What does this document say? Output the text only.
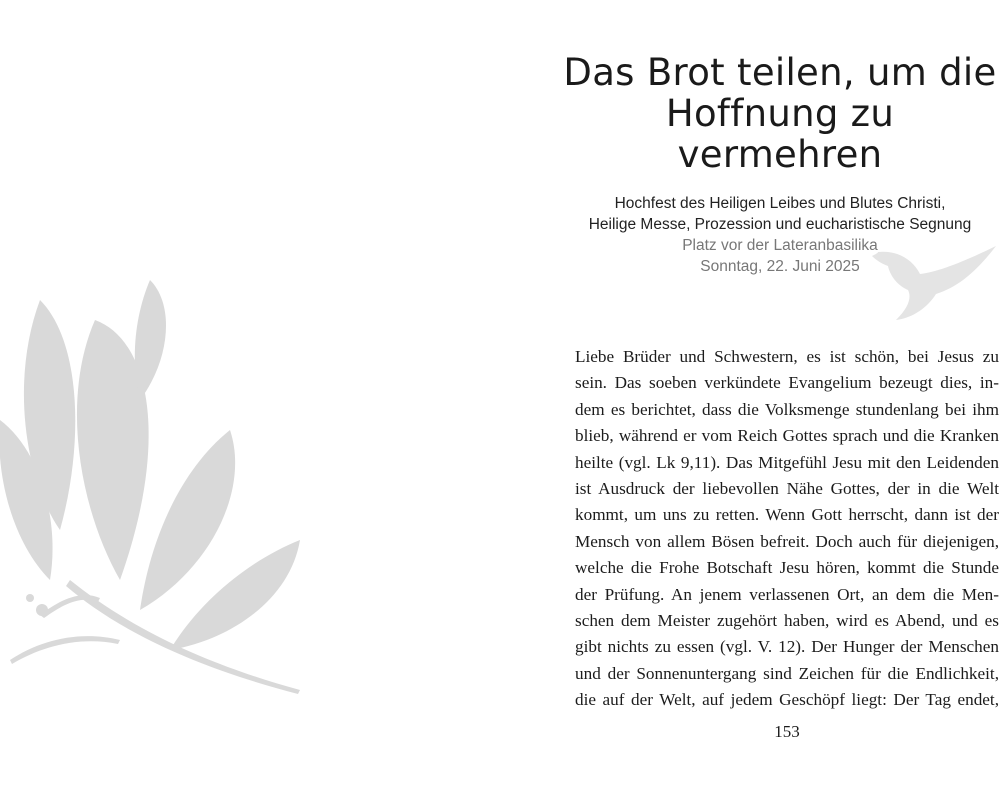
Das Brot teilen, um die
Hoffnung zu vermehren
Hochfest des Heiligen Leibes und Blutes Christi,
Heilige Messe, Prozession und eucharistische Segnung
Platz vor der Lateranbasilika
Sonntag, 22. Juni 2025
Liebe Brüder und Schwestern, es ist schön, bei Jesus zu
sein. Das soeben verkündete Evangelium bezeugt dies, in-
dem es berichtet, dass die Volksmenge stundenlang bei ihm
blieb, während er vom Reich Gottes sprach und die Kranken
heilte (vgl. Lk 9,11). Das Mitgefühl Jesu mit den Leidenden
ist Ausdruck der liebevollen Nähe Gottes, der in die Welt
kommt, um uns zu retten. Wenn Gott herrscht, dann ist der
Mensch von allem Bösen befreit. Doch auch für diejenigen,
welche die Frohe Botschaft Jesu hören, kommt die Stunde
der Prüfung. An jenem verlassenen Ort, an dem die Men-
schen dem Meister zugehört haben, wird es Abend, und es
gibt nichts zu essen (vgl. V. 12). Der Hunger der Menschen
und der Sonnenuntergang sind Zeichen für die Endlichkeit,
die auf der Welt, auf jedem Geschöpf liegt: Der Tag endet,
153
